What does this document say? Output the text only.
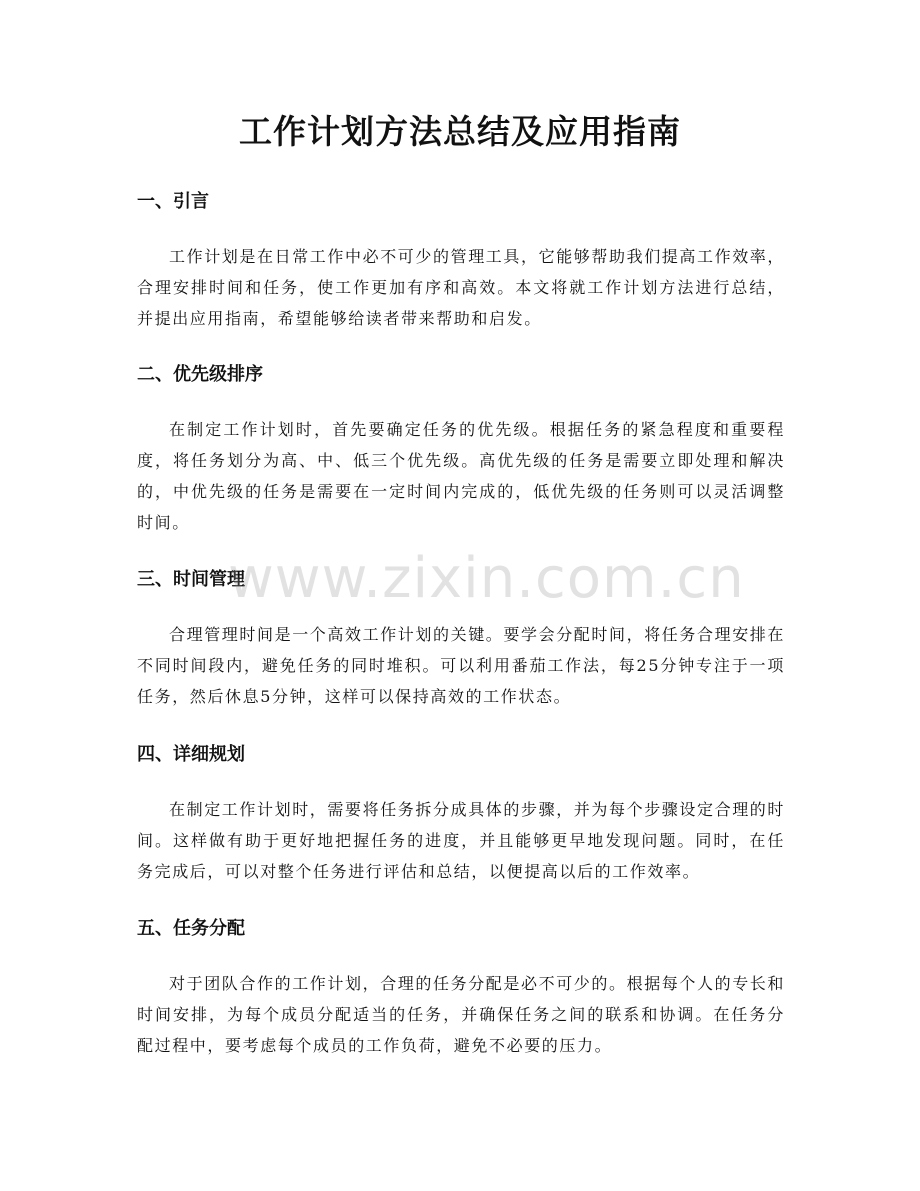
工作计划方法总结及应用指南
一、引言

工作计划是在日常工作中必不可少的管理工具，它能够帮助我们提高工作效率，合理安排时间和任务，使工作更加有序和高效。本文将就工作计划方法进行总结，并提出应用指南，希望能够给读者带来帮助和启发。

二、优先级排序

在制定工作计划时，首先要确定任务的优先级。根据任务的紧急程度和重要程度，将任务划分为高、中、低三个优先级。高优先级的任务是需要立即处理和解决的，中优先级的任务是需要在一定时间内完成的，低优先级的任务则可以灵活调整时间。

三、时间管理

合理管理时间是一个高效工作计划的关键。要学会分配时间，将任务合理安排在不同时间段内，避免任务的同时堆积。可以利用番茄工作法，每25分钟专注于一项任务，然后休息5分钟，这样可以保持高效的工作状态。

四、详细规划

在制定工作计划时，需要将任务拆分成具体的步骤，并为每个步骤设定合理的时间。这样做有助于更好地把握任务的进度，并且能够更早地发现问题。同时，在任务完成后，可以对整个任务进行评估和总结，以便提高以后的工作效率。

五、任务分配

对于团队合作的工作计划，合理的任务分配是必不可少的。根据每个人的专长和时间安排，为每个成员分配适当的任务，并确保任务之间的联系和协调。在任务分配过程中，要考虑每个成员的工作负荷，避免不必要的压力。

www.zixin.com.cn
